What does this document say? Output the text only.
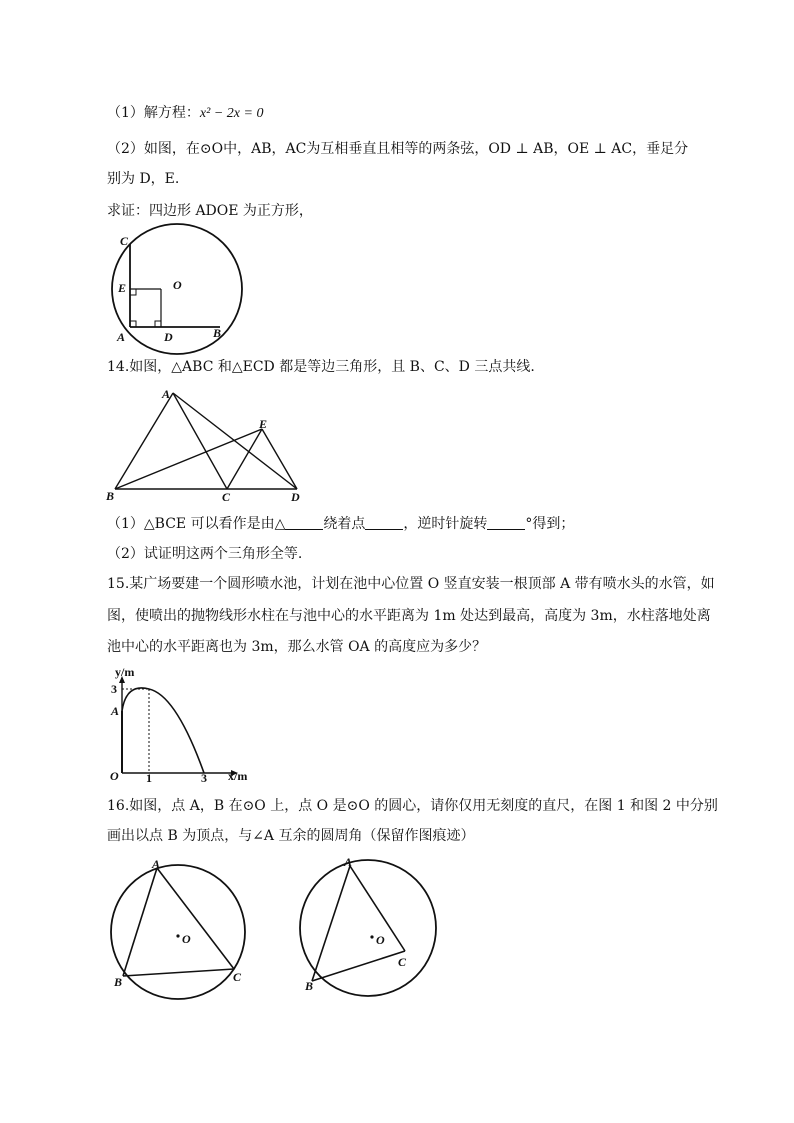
（1）解方程：x² − 2x = 0
（2）如图，在⊙O中，AB，AC为互相垂直且相等的两条弦，OD ⊥ AB，OE ⊥ AC，垂足分
别为 D，E.
求证：四边形 ADOE 为正方形，
C
E	O
A	D	B
A
E
B	C	D
y/m
x/m
3
A
O 1	3
A
O
B	C
A
O
B
C
14.如图，△ABC 和△ECD 都是等边三角形，且 B、C、D 三点共线.
（1）△BCE 可以看作是由△	绕着点	，逆时针旋转	°得到；
（2）试证明这两个三角形全等.
15.某广场要建一个圆形喷水池，计划在池中心位置 O 竖直安装一根顶部 A 带有喷水头的水管，如
图，使喷出的抛物线形水柱在与池中心的水平距离为 1m 处达到最高，高度为 3m，水柱落地处离
池中心的水平距离也为 3m，那么水管 OA 的高度应为多少？
16.如图，点 A，B 在⊙O 上，点 O 是⊙O 的圆心，请你仅用无刻度的直尺，在图 1 和图 2 中分别
画出以点 B 为顶点，与∠A 互余的圆周角（保留作图痕迹）
